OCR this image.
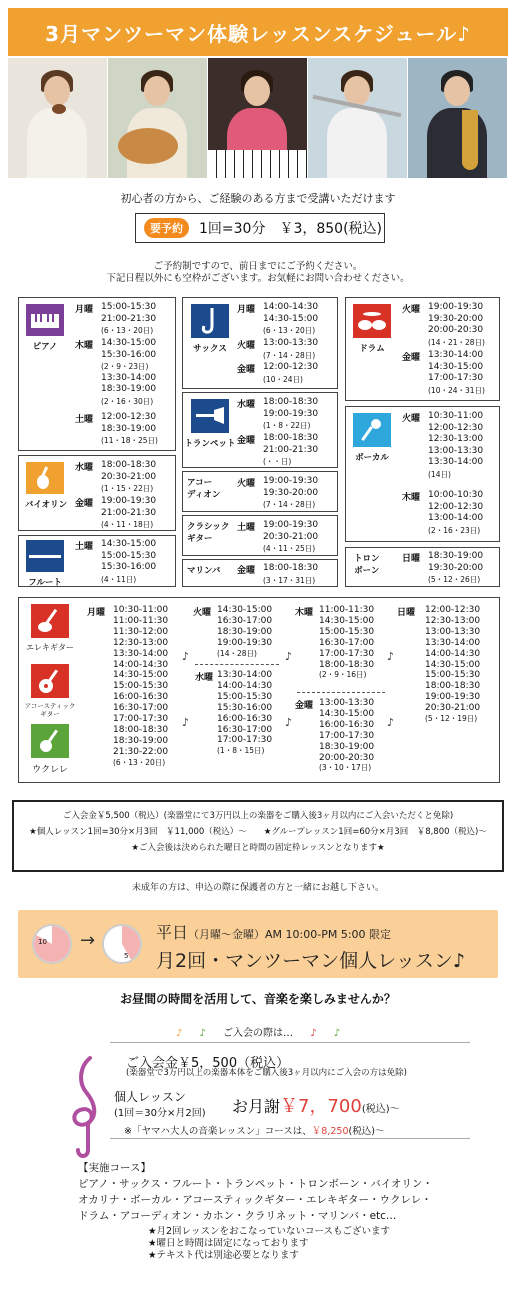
3月マンツーマン体験レッスンスケジュール♪
初心者の方から、ご経験のある方まで受講いただけます
要予約	1回=30分　￥3，850(税込)
ご予約制ですので、前日までにご予約ください。
下記日程以外にも空枠がございます。お気軽にお問い合わせください。
ピアノ
月曜 15:00-15:30
21:00-21:30
(6・13・20日)
木曜 14:30-15:00
15:30-16:00
(2・9・23日)
13:30-14:00
18:30-19:00
(2・16・30日)
土曜 12:00-12:30
18:30-19:00
(11・18・25日)
バイオリン
水曜 18:00-18:30
20:30-21:00
(1・15・22日)
金曜 19:00-19:30
21:00-21:30
(4・11・18日)
フルート
土曜 14:30-15:00
15:00-15:30
15:30-16:00
(4・11日)
サックス
月曜 14:00-14:30
14:30-15:00
(6・13・20日)
火曜 13:00-13:30
(7・14・28日)
金曜 12:00-12:30
(10・24日)
トランペット
水曜 18:00-18:30
19:00-19:30
(1・8・22日)
金曜 18:00-18:30
21:00-21:30
(・・日)
アコー
ディオン
火曜 19:00-19:30
19:30-20:00
(7・14・28日)
クラシック
ギター
土曜 19:00-19:30
20:30-21:00
(4・11・25日)
マリンバ 金曜 18:00-18:30
(3・17・31日)
ドラム
火曜 19:00-19:30
19:30-20:00
20:00-20:30
(14・21・28日)
金曜 13:30-14:00
14:30-15:00
17:00-17:30
(10・24・31日)
ボーカル
火曜 10:30-11:00
12:00-12:30
12:30-13:00
13:00-13:30
13:30-14:00
(14日)
木曜 10:00-10:30
12:00-12:30
13:00-14:00
(2・16・23日)
トロン
ボーン
日曜 18:30-19:00
19:30-20:00
(5・12・26日)
エレキギター
アコースティック
ギター
ウクレレ
月曜 10:30-11:00
11:00-11:30
11:30-12:00
12:30-13:00
13:30-14:00
14:00-14:30
14:30-15:00
15:00-15:30
16:00-16:30
16:30-17:00
17:00-17:30
18:00-18:30
18:30-19:00
21:30-22:00
(6・13・20日)
火曜 14:30-15:00
16:30-17:00
18:30-19:00
19:00-19:30
(14・28日)
水曜 13:30-14:00
14:00-14:30
15:00-15:30
15:30-16:00
16:00-16:30
16:30-17:00
17:00-17:30
(1・8・15日)
木曜 11:00-11:30
14:30-15:00
15:00-15:30
16:30-17:00
17:00-17:30
18:00-18:30
(2・9・16日)
金曜 13:00-13:30
14:30-15:00
16:00-16:30
17:00-17:30
18:30-19:00
20:00-20:30
(3・10・17日)
日曜 12:00-12:30
12:30-13:00
13:00-13:30
13:30-14:00
14:00-14:30
14:30-15:00
15:00-15:30
18:00-18:30
19:00-19:30
20:30-21:00
(5・12・19日)
♪
♪
♪
♪
♪
♪
ご入会金￥5,500（税込）(楽器堂にて3万円以上の楽器をご購入後3ヶ月以内にご入会いただくと免除)
★個人レッスン1回=30分×月3回　￥11,000（税込）～　　★グループレッスン1回=60分×月3回　￥8,800（税込)～
★ご入会後は決められた曜日と時間の固定枠レッスンとなります★
未成年の方は、申込の際に保護者の方と一緒にお越し下さい。
10 →
5
平日（月曜～金曜）AM 10:00-PM 5:00 限定
月2回・マンツーマン個人レッスン♪
お昼間の時間を活用して、音楽を楽しみませんか？
♪ ♪ ご入会の際は… ♪ ♪
ご入会金￥5，500（税込）
(楽器堂で3万円以上の楽器本体をご購入後3ヶ月以内にご入会の方は免除)
個人レッスン
(1回＝30分×月2回) お月謝￥7，700(税込)～
※「ヤマハ大人の音楽レッスン」コースは、￥8,250(税込)～
【実施コース】
ピアノ・サックス・フルート・トランペット・トロンボーン・バイオリン・
オカリナ・ボーカル・アコースティックギター・エレキギター・ウクレレ・
ドラム・アコーディオン・カホン・クラリネット・マリンバ・etc…
★月2回レッスンをおこなっていないコースもございます
★曜日と時間は固定になっております
★テキスト代は別途必要となります
